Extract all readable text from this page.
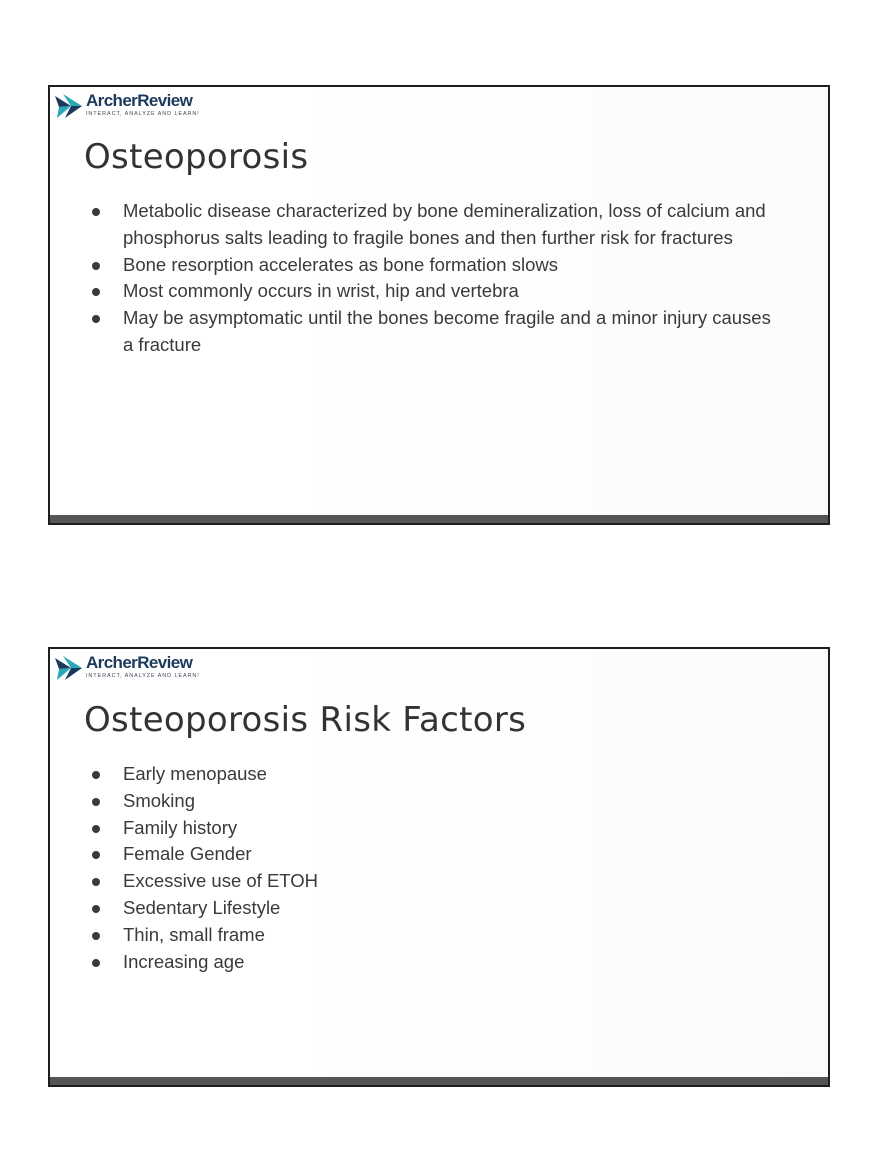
ArcherReview
INTERACT, ANALYZE AND LEARN!
Osteoporosis
Metabolic disease characterized by bone demineralization, loss of calcium and phosphorus salts leading to fragile bones and then further risk for fractures
Bone resorption accelerates as bone formation slows
Most commonly occurs in wrist, hip and vertebra
May be asymptomatic until the bones become fragile and a minor injury causes a fracture
ArcherReview
INTERACT, ANALYZE AND LEARN!
Osteoporosis Risk Factors
Early menopause
Smoking
Family history
Female Gender
Excessive use of ETOH
Sedentary Lifestyle
Thin, small frame
Increasing age
